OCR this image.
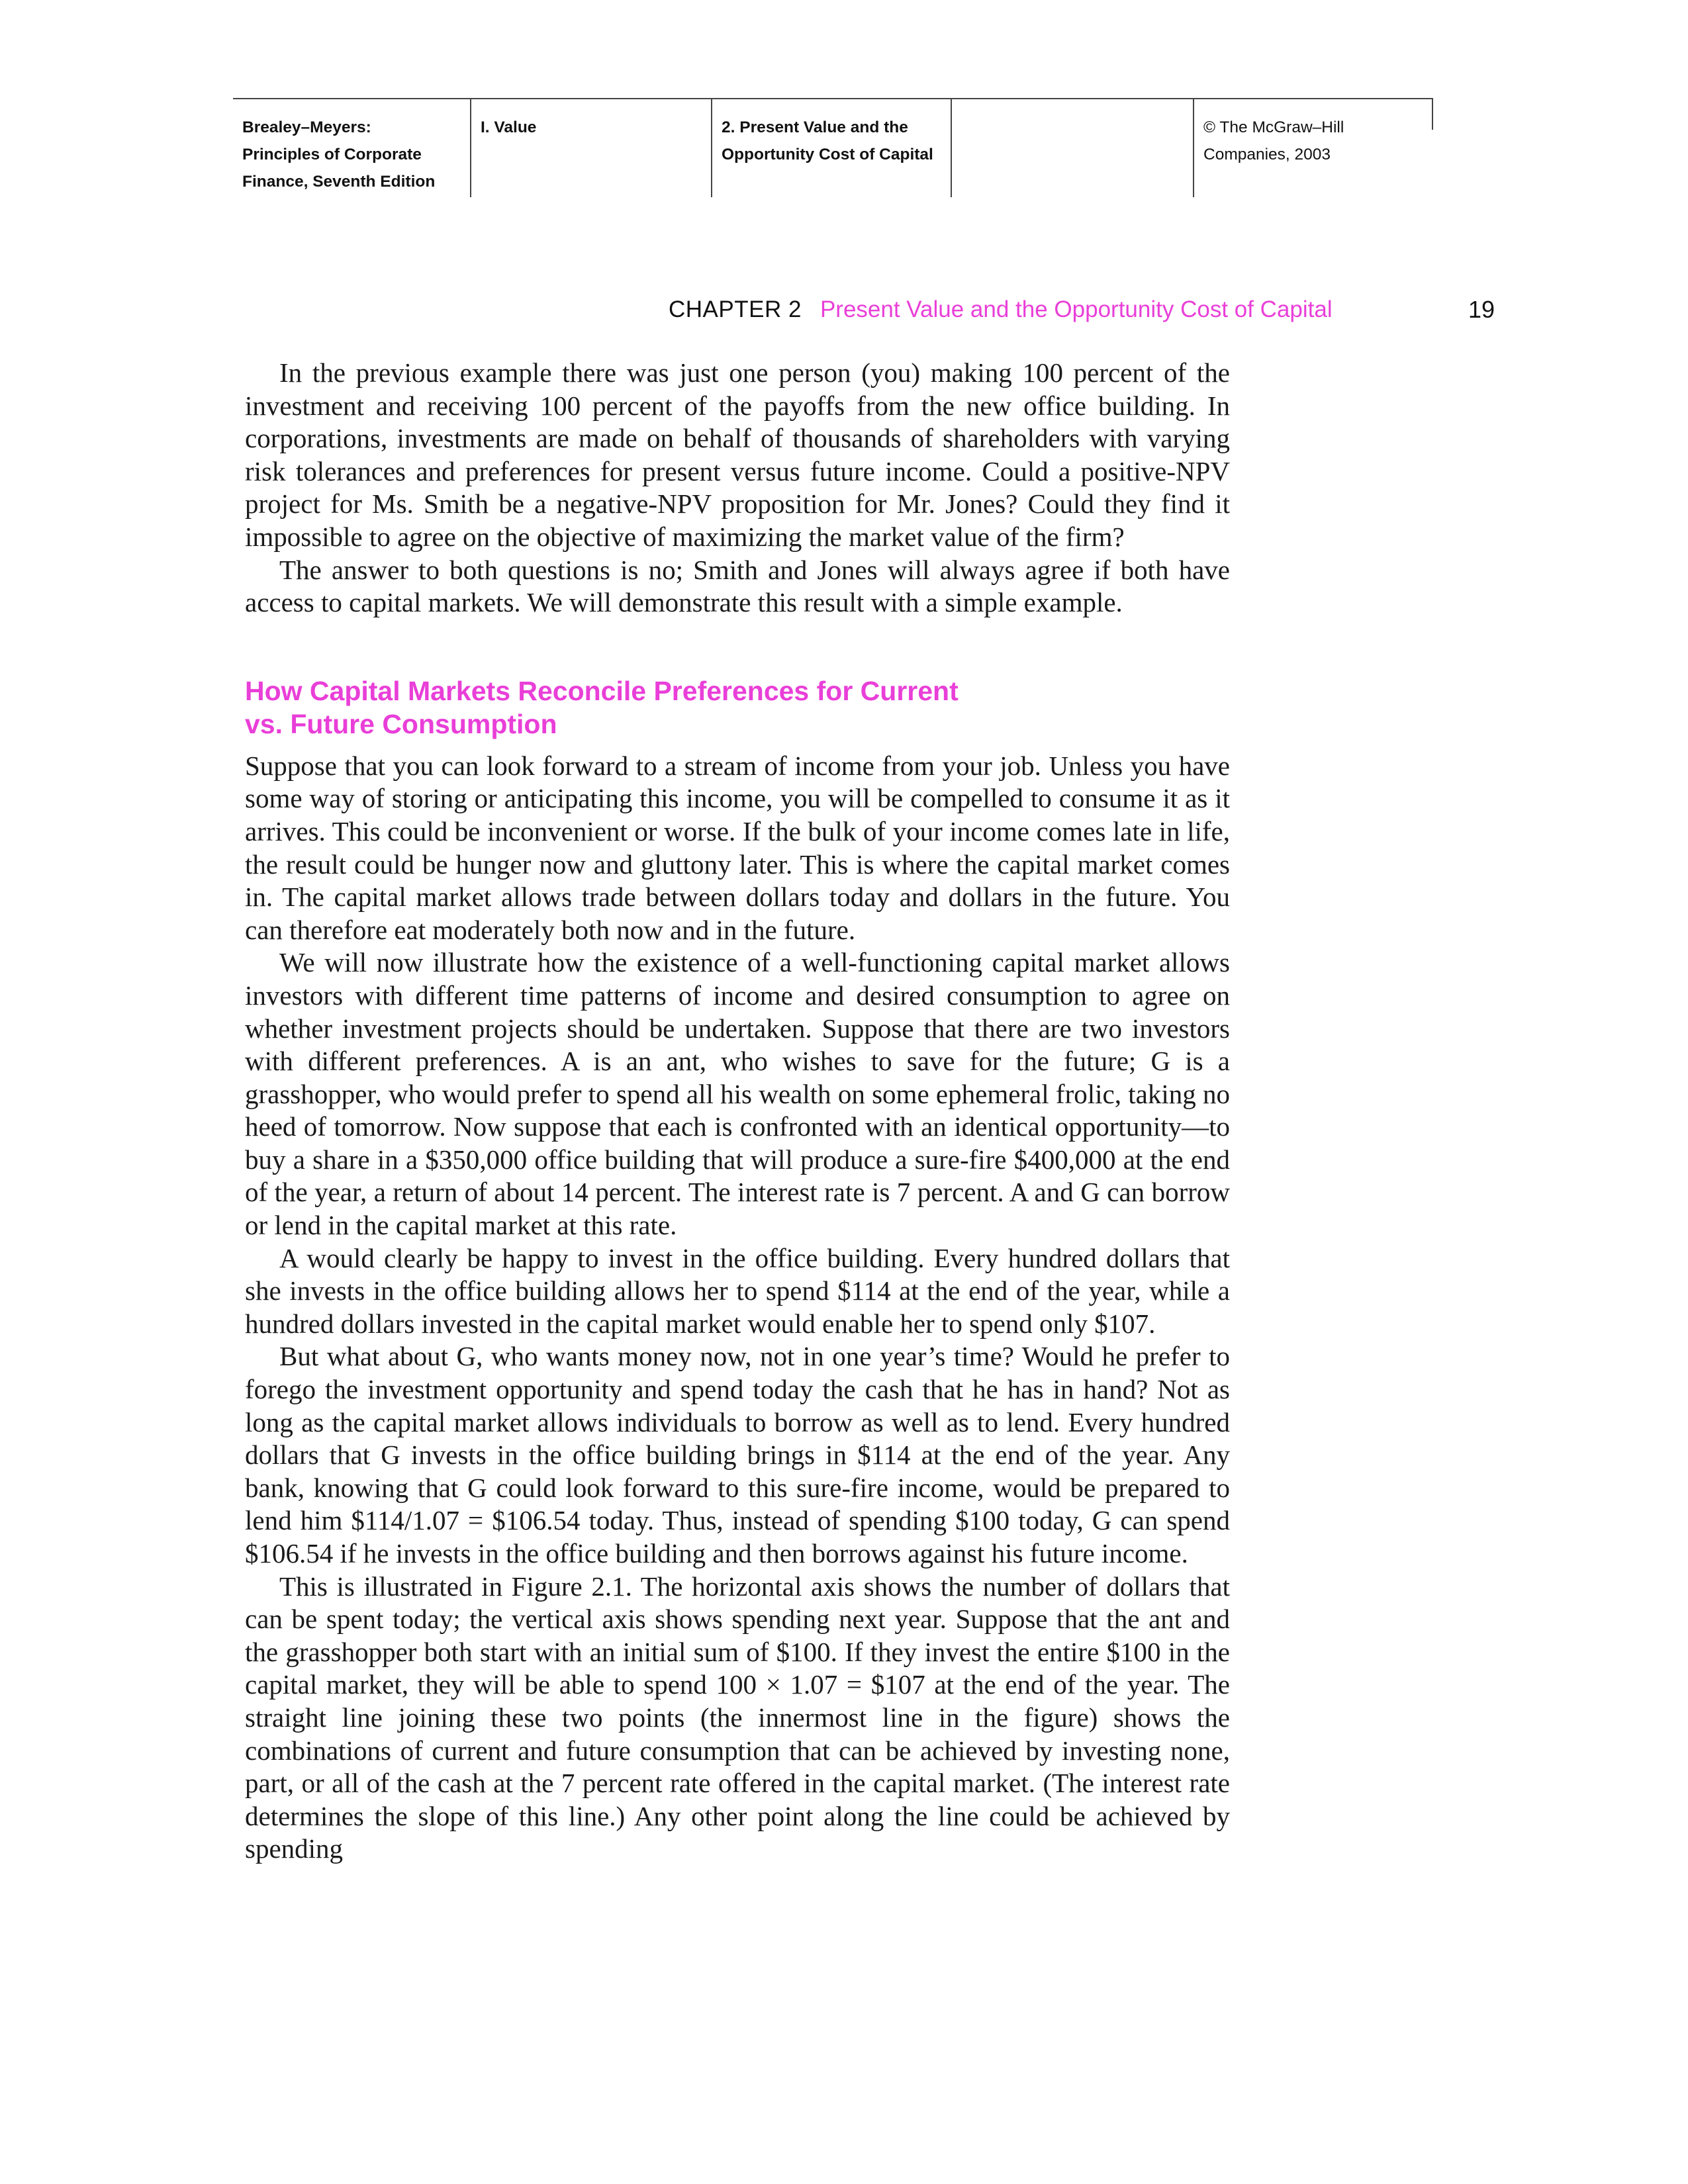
Brealey–Meyers:

Principles of Corporate

Finance, Seventh Edition

I. Value	2. Present Value and the

Opportunity Cost of Capital

© The McGraw–Hill

Companies, 2003

CHAPTER 2 Present Value and the Opportunity Cost of Capital	19

In the previous example there was just one person (you) making 100 percent of the investment and receiving 100 percent of the payoffs from the new office building. In corporations, investments are made on behalf of thousands of shareholders with varying risk tolerances and preferences for present versus future income. Could a positive-NPV project for Ms. Smith be a negative-NPV proposition for Mr. Jones? Could they find it impossible to agree on the objective of maximizing the market value of the firm?

The answer to both questions is no; Smith and Jones will always agree if both have access to capital markets. We will demonstrate this result with a simple example.

How Capital Markets Reconcile Preferences for Current
vs. Future Consumption

Suppose that you can look forward to a stream of income from your job. Unless you have some way of storing or anticipating this income, you will be compelled to consume it as it arrives. This could be inconvenient or worse. If the bulk of your income comes late in life, the result could be hunger now and gluttony later. This is where the capital market comes in. The capital market allows trade between dollars today and dollars in the future. You can therefore eat moderately both now and in the future.

We will now illustrate how the existence of a well-functioning capital market allows investors with different time patterns of income and desired consumption to agree on whether investment projects should be undertaken. Suppose that there are two investors with different preferences. A is an ant, who wishes to save for the future; G is a grasshopper, who would prefer to spend all his wealth on some ephemeral frolic, taking no heed of tomorrow. Now suppose that each is confronted with an identical opportunity—to buy a share in a $350,000 office building that will produce a sure-fire $400,000 at the end of the year, a return of about 14 percent. The interest rate is 7 percent. A and G can borrow or lend in the capital market at this rate.

A would clearly be happy to invest in the office building. Every hundred dollars that she invests in the office building allows her to spend $114 at the end of the year, while a hundred dollars invested in the capital market would enable her to spend only $107.

But what about G, who wants money now, not in one year’s time? Would he prefer to forego the investment opportunity and spend today the cash that he has in hand? Not as long as the capital market allows individuals to borrow as well as to lend. Every hundred dollars that G invests in the office building brings in $114 at the end of the year. Any bank, knowing that G could look forward to this sure-fire income, would be prepared to lend him $114/1.07 = $106.54 today. Thus, instead of spending $100 today, G can spend $106.54 if he invests in the office building and then borrows against his future income.

This is illustrated in Figure 2.1. The horizontal axis shows the number of dollars that can be spent today; the vertical axis shows spending next year. Suppose that the ant and the grasshopper both start with an initial sum of $100. If they invest the entire $100 in the capital market, they will be able to spend 100 × 1.07 = $107 at the end of the year. The straight line joining these two points (the innermost line in the figure) shows the combinations of current and future consumption that can be achieved by investing none, part, or all of the cash at the 7 percent rate offered in the capital market. (The interest rate determines the slope of this line.) Any other point along the line could be achieved by spending
